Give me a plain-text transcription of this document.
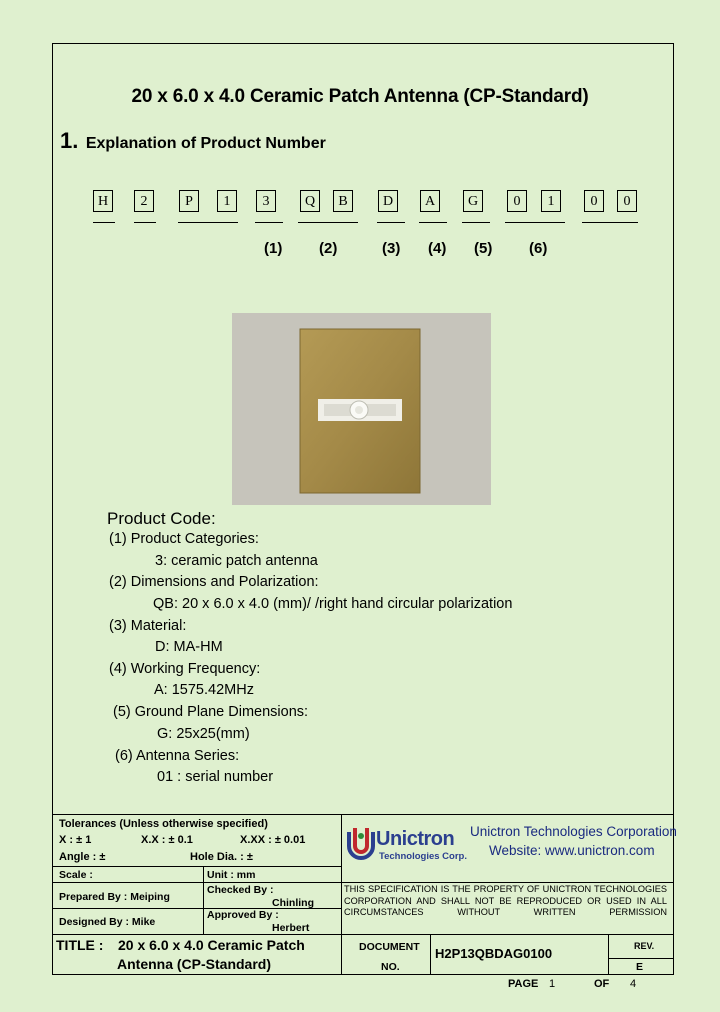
20 x 6.0 x 4.0 Ceramic Patch Antenna (CP-Standard)
1. Explanation of Product Number
H	2	P	1	3	Q	B	D	A	G	0	1	0	0
(1) (2)	(3) (4) (5) (6)
Product Code:
(1) Product Categories:
3: ceramic patch antenna
(2) Dimensions and Polarization:
QB: 20 x 6.0 x 4.0 (mm)/ /right hand circular polarization
(3) Material:
D: MA-HM
(4) Working Frequency:
A: 1575.42MHz
(5) Ground Plane Dimensions:
G: 25x25(mm)
(6) Antenna Series:
01 : serial number
Tolerances (Unless otherwise specified)
X : ± 1	X.X : ± 0.1	X.XX : ± 0.01
Angle : ±	Hole Dia. : ±
Scale :	Unit : mm
Prepared By : Meiping
Checked By :
Chinling
Designed By : Mike
Approved By :
Herbert
Unictron
Technologies Corp.
Unictron Technologies Corporation
Website: www.unictron.com
THIS SPECIFICATION IS THE PROPERTY OF UNICTRON TECHNOLOGIES CORPORATION AND SHALL NOT BE REPRODUCED OR USED IN ALL CIRCUMSTANCES WITHOUT WRITTEN PERMISSION
TITLE : 20 x 6.0 x 4.0 Ceramic Patch
Antenna (CP-Standard)
DOCUMENT
NO.
H2P13QBDAG0100	REV.
E
PAGE 1	OF 4
